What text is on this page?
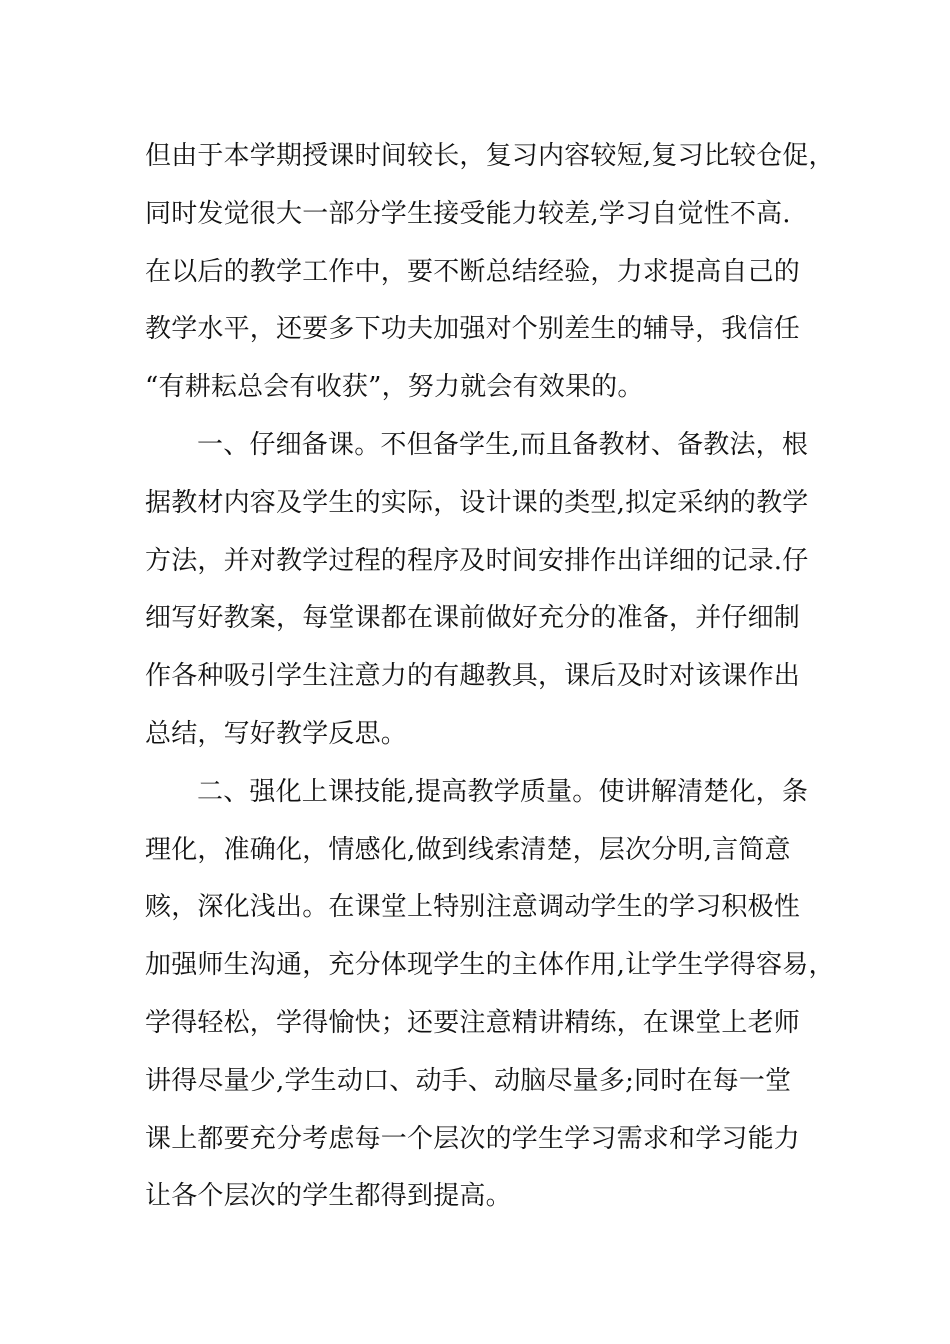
但由于本学期授课时间较长，复习内容较短,复习比较仓促，
同时发觉很大一部分学生接受能力较差,学习自觉性不高.
在以后的教学工作中，要不断总结经验，力求提高自己的
教学水平，还要多下功夫加强对个别差生的辅导，我信任
“有耕耘总会有收获”，努力就会有效果的。
一、仔细备课。不但备学生,而且备教材、备教法，根
据教材内容及学生的实际，设计课的类型,拟定采纳的教学
方法，并对教学过程的程序及时间安排作出详细的记录.仔
细写好教案，每堂课都在课前做好充分的准备，并仔细制
作各种吸引学生注意力的有趣教具，课后及时对该课作出
总结，写好教学反思。
二、强化上课技能,提高教学质量。使讲解清楚化，条
理化，准确化，情感化,做到线索清楚，层次分明,言简意
赅，深化浅出。在课堂上特别注意调动学生的学习积极性
加强师生沟通，充分体现学生的主体作用,让学生学得容易，
学得轻松，学得愉快；还要注意精讲精练，在课堂上老师
讲得尽量少,学生动口、动手、动脑尽量多;同时在每一堂
课上都要充分考虑每一个层次的学生学习需求和学习能力
让各个层次的学生都得到提高。
